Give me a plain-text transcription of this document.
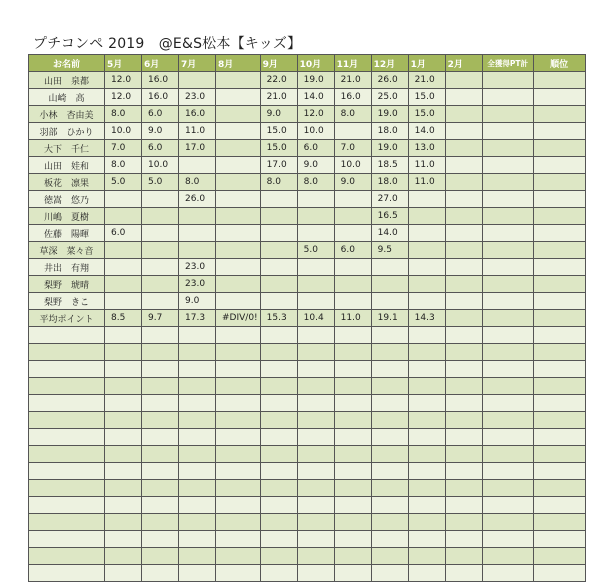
プチコンペ 2019　@E&S松本【キッズ】
お名前	5月	6月	7月	8月	9月	10月	11月	12月	1月	2月	全獲得PT計	順位
山田　泉都	12.0	16.0			22.0	19.0	21.0	26.0	21.0			
山崎　高	12.0	16.0	23.0		21.0	14.0	16.0	25.0	15.0			
小林　杏由美	8.0	6.0	16.0		9.0	12.0	8.0	19.0	15.0			
羽部　ひかり	10.0	9.0	11.0		15.0	10.0		18.0	14.0			
大下　千仁	7.0	6.0	17.0		15.0	6.0	7.0	19.0	13.0			
山田　娃和	8.0	10.0			17.0	9.0	10.0	18.5	11.0			
板花　凛果	5.0	5.0	8.0		8.0	8.0	9.0	18.0	11.0			
徳嵩　悠乃			26.0					27.0				
川嶋　夏樹								16.5				
佐藤　陽暉	6.0							14.0				
草深　菜々音						5.0	6.0	9.5				
井出　有翔			23.0									
梨野　琥晴			23.0									
梨野　きこ			9.0									
平均ポイント	8.5	9.7	17.3	#DIV/0!	15.3	10.4	11.0	19.1	14.3			
